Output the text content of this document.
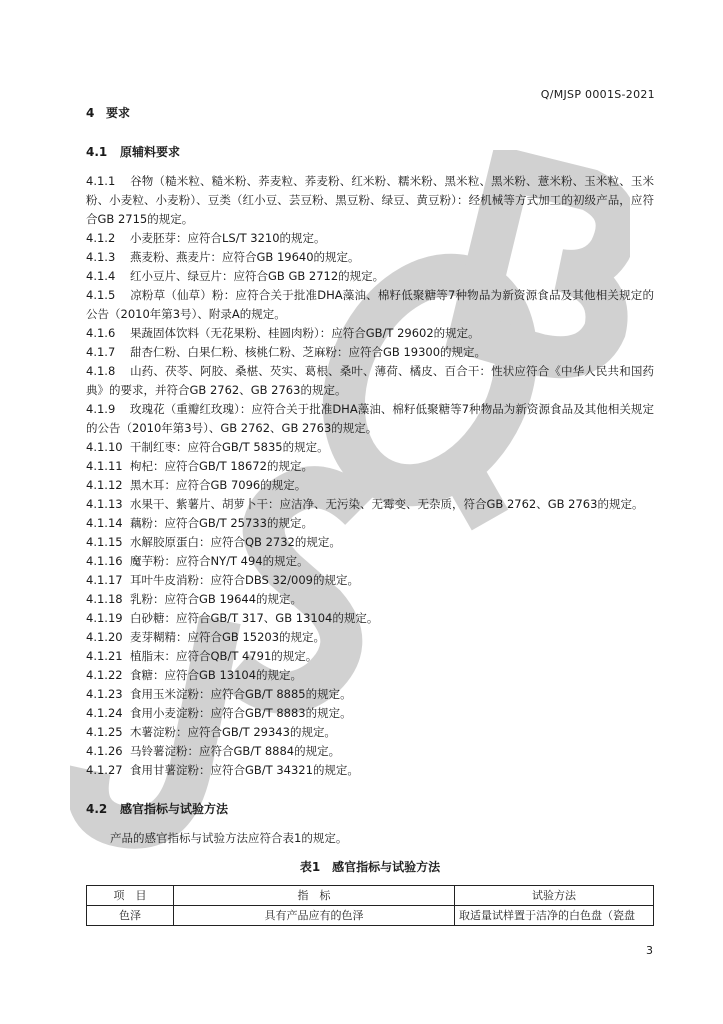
Q/MJSP 0001S-2021
4 要求
4.1 原辅料要求
4.1.1 谷物（糙米粒、糙米粉、荞麦粒、荞麦粉、红米粉、糯米粉、黑米粒、黑米粉、薏米粉、玉米粒、玉米粉、小麦粒、小麦粉）、豆类（红小豆、芸豆粉、黑豆粉、绿豆、黄豆粉）：经机械等方式加工的初级产品，应符合GB 2715的规定。
4.1.2 小麦胚芽：应符合LS/T 3210的规定。
4.1.3 燕麦粉、燕麦片：应符合GB 19640的规定。
4.1.4 红小豆片、绿豆片：应符合GB GB 2712的规定。
4.1.5 凉粉草（仙草）粉：应符合关于批准DHA藻油、棉籽低聚糖等7种物品为新资源食品及其他相关规定的公告（2010年第3号）、附录A的规定。
4.1.6 果蔬固体饮料（无花果粉、桂圆肉粉）：应符合GB/T 29602的规定。
4.1.7 甜杏仁粉、白果仁粉、核桃仁粉、芝麻粉：应符合GB 19300的规定。
4.1.8 山药、茯苓、阿胶、桑椹、芡实、葛根、桑叶、薄荷、橘皮、百合干：性状应符合《中华人民共和国药典》的要求，并符合GB 2762、GB 2763的规定。
4.1.9 玫瑰花（重瓣红玫瑰）：应符合关于批准DHA藻油、棉籽低聚糖等7种物品为新资源食品及其他相关规定的公告（2010年第3号）、GB 2762、GB 2763的规定。
4.1.10 干制红枣：应符合GB/T 5835的规定。
4.1.11 枸杞：应符合GB/T 18672的规定。
4.1.12 黑木耳：应符合GB 7096的规定。
4.1.13 水果干、紫薯片、胡萝卜干：应洁净、无污染、无霉变、无杂质，符合GB 2762、GB 2763的规定。
4.1.14 藕粉：应符合GB/T 25733的规定。
4.1.15 水解胶原蛋白：应符合QB 2732的规定。
4.1.16 魔芋粉：应符合NY/T 494的规定。
4.1.17 耳叶牛皮消粉：应符合DBS 32/009的规定。
4.1.18 乳粉：应符合GB 19644的规定。
4.1.19 白砂糖：应符合GB/T 317、GB 13104的规定。
4.1.20 麦芽糊精：应符合GB 15203的规定。
4.1.21 植脂末：应符合QB/T 4791的规定。
4.1.22 食糖：应符合GB 13104的规定。
4.1.23 食用玉米淀粉：应符合GB/T 8885的规定。
4.1.24 食用小麦淀粉：应符合GB/T 8883的规定。
4.1.25 木薯淀粉：应符合GB/T 29343的规定。
4.1.26 马铃薯淀粉：应符合GB/T 8884的规定。
4.1.27 食用甘薯淀粉：应符合GB/T 34321的规定。
4.2 感官指标与试验方法
产品的感官指标与试验方法应符合表1的规定。
表1　感官指标与试验方法
项　目	指　标	试验方法
色泽	具有产品应有的色泽	取适量试样置于洁净的白色盘（瓷盘
3
